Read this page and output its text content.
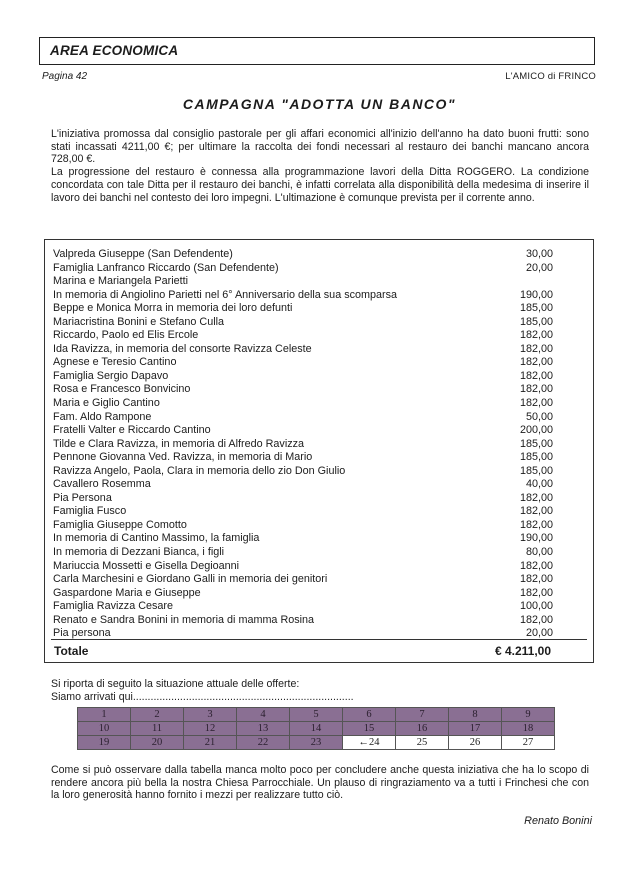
AREA ECONOMICA
Pagina 42	L'AMICO di FRINCO
CAMPAGNA "ADOTTA UN BANCO"

L'iniziativa promossa dal consiglio pastorale per gli affari economici all'inizio dell'anno ha dato buoni frutti: sono stati incassati 4211,00 €; per ultimare la raccolta dei fondi necessari al restauro dei banchi mancano ancora 728,00 €.

La progressione del restauro è connessa alla programmazione lavori della Ditta ROGGERO. La condizione concordata con tale Ditta per il restauro dei banchi, è infatti correlata alla disponibilità della medesima di inserire il lavoro dei banchi nel contesto dei loro impegni. L'ultimazione è comunque prevista per il corrente anno.

Valpreda Giuseppe (San Defendente)	30,00
Famiglia Lanfranco Riccardo (San Defendente)	20,00
Marina e Mariangela Parietti
In memoria di Angiolino Parietti nel 6° Anniversario della sua scomparsa	190,00
Beppe e Monica Morra in memoria dei loro defunti	185,00
Mariacristina Bonini e Stefano Culla	185,00
Riccardo, Paolo ed Elis Ercole	182,00
Ida Ravizza, in memoria del consorte Ravizza Celeste	182,00
Agnese e Teresio Cantino	182,00
Famiglia Sergio Dapavo	182,00
Rosa e Francesco Bonvicino	182,00
Maria e Giglio Cantino	182,00
Fam. Aldo Rampone	50,00
Fratelli Valter e Riccardo Cantino	200,00
Tilde e Clara Ravizza, in memoria di Alfredo Ravizza	185,00
Pennone Giovanna Ved. Ravizza, in memoria di Mario	185,00
Ravizza Angelo, Paola, Clara in memoria dello zio Don Giulio	185,00
Cavallero Rosemma	40,00
Pia Persona	182,00
Famiglia Fusco	182,00
Famiglia Giuseppe Comotto	182,00
In memoria di Cantino Massimo, la famiglia	190,00
In memoria di Dezzani Bianca, i figli	80,00
Mariuccia Mossetti e Gisella Degioanni	182,00
Carla Marchesini e Giordano Galli in memoria dei genitori	182,00
Gaspardone Maria e Giuseppe	182,00
Famiglia Ravizza Cesare	100,00
Renato e Sandra Bonini in memoria di mamma Rosina	182,00
Pia persona	20,00
Totale	€ 4.211,00

Si riporta di seguito la situazione attuale delle offerte:

Siamo arrivati qui...........................................................................

1	2	3	4	5	6	7	8	9
10	11	12	13	14	15	16	17	18
19	20	21	22	23	←24	25	26	27
Come si può osservare dalla tabella manca molto poco per concludere anche questa iniziativa che ha lo scopo di rendere ancora più bella la nostra Chiesa Parrocchiale. Un plauso di ringraziamento va a tutti i Frinchesi che con la loro generosità hanno fornito i mezzi per realizzare tutto ciò.
Renato Bonini
